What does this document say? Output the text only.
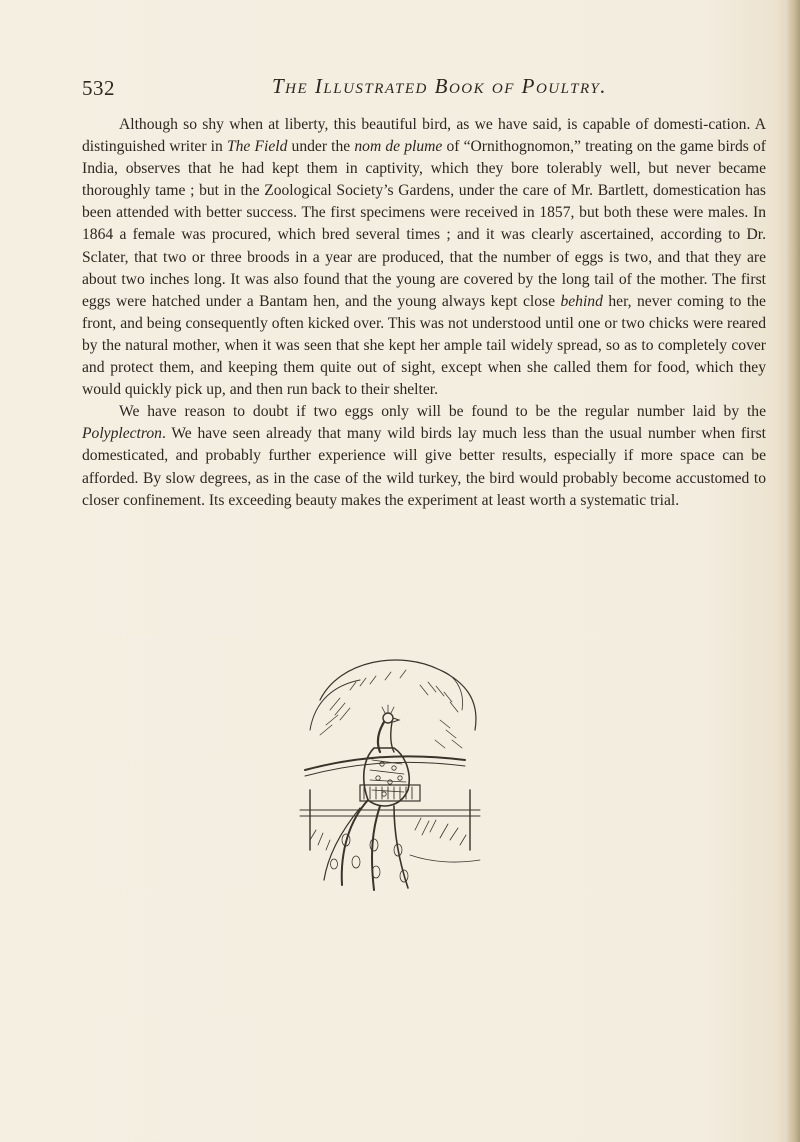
532	The Illustrated Book of Poultry.

Although so shy when at liberty, this beautiful bird, as we have said, is capable of domesti-cation. A distinguished writer in The Field under the nom de plume of “Ornithognomon,” treating on the game birds of India, observes that he had kept them in captivity, which they bore tolerably well, but never became thoroughly tame ; but in the Zoological Society’s Gardens, under the care of Mr. Bartlett, domestication has been attended with better success. The first specimens were received in 1857, but both these were males. In 1864 a female was procured, which bred several times ; and it was clearly ascertained, according to Dr. Sclater, that two or three broods in a year are produced, that the number of eggs is two, and that they are about two inches long. It was also found that the young are covered by the long tail of the mother. The first eggs were hatched under a Bantam hen, and the young always kept close behind her, never coming to the front, and being consequently often kicked over. This was not understood until one or two chicks were reared by the natural mother, when it was seen that she kept her ample tail widely spread, so as to completely cover and protect them, and keeping them quite out of sight, except when she called them for food, which they would quickly pick up, and then run back to their shelter.

We have reason to doubt if two eggs only will be found to be the regular number laid by the Polyplectron. We have seen already that many wild birds lay much less than the usual number when first domesticated, and probably further experience will give better results, especially if more space can be afforded. By slow degrees, as in the case of the wild turkey, the bird would probably become accustomed to closer confinement. Its exceeding beauty makes the experiment at least worth a systematic trial.
